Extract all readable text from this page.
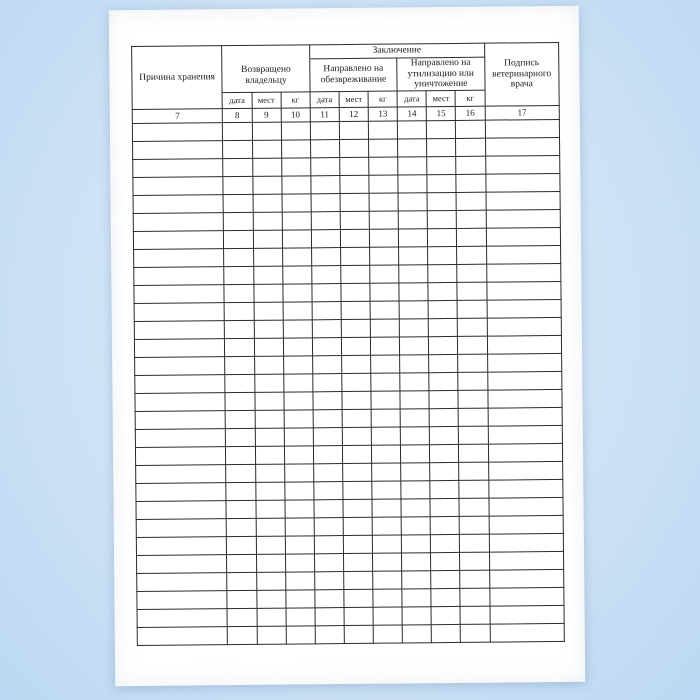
Причина хранения				Заключение						Подпись ветеринарного врача
	Возвращено владельцу			Направлено на обезвреживание			Направлено на утилизацию или уничтожение			
	дата	мест	кг	дата	мест	кг	дата	мест	кг	
7	8	9	10	11	12	13	14	15	16	17
